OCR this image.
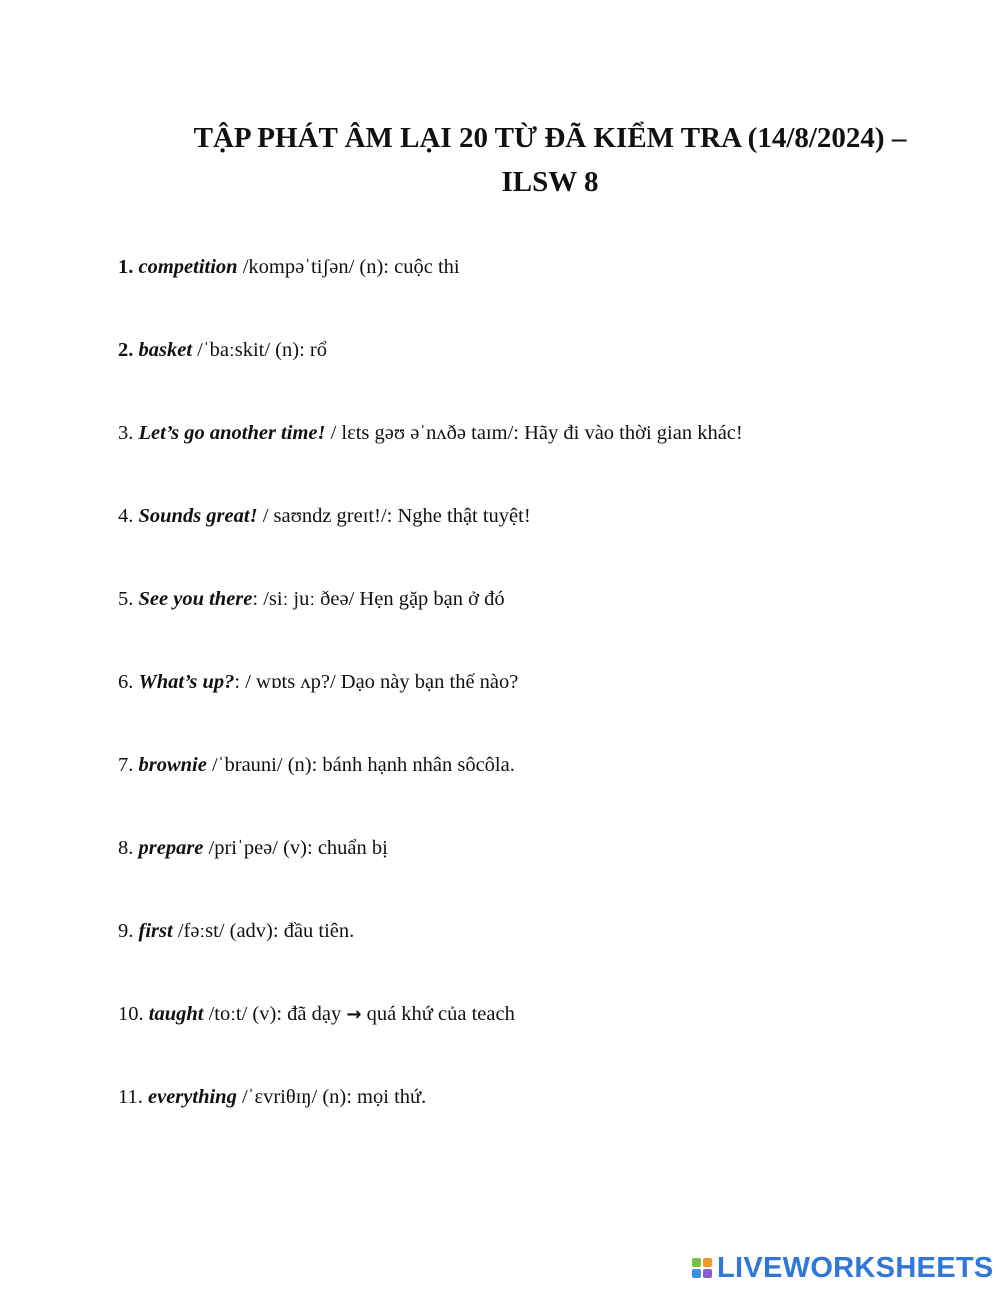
TẬP PHÁT ÂM LẠI 20 TỪ ĐÃ KIỂM TRA (14/8/2024) –
ILSW 8
1. competition /kompəˈtiʃən/ (n): cuộc thi
2. basket /ˈbaːskit/ (n): rổ
3. Let’s go another time! / lɛts gəʊ əˈnʌðə taɪm/: Hãy đi vào thời gian khác!
4. Sounds great! / saʊndz greɪt!/: Nghe thật tuyệt!
5. See you there: /siː juː ðeə/ Hẹn gặp bạn ở đó
6. What’s up?: / wɒts ʌp?/ Dạo này bạn thế nào?
7. brownie /ˈbrauni/ (n): bánh hạnh nhân sôcôla.
8. prepare /priˈpeə/ (v): chuẩn bị
9. first /fəːst/ (adv): đầu tiên.
10. taught /toːt/ (v): đã dạy → quá khứ của teach
11. everything /ˈɛvriθɪŋ/ (n): mọi thứ.
LIVEWORKSHEETS
